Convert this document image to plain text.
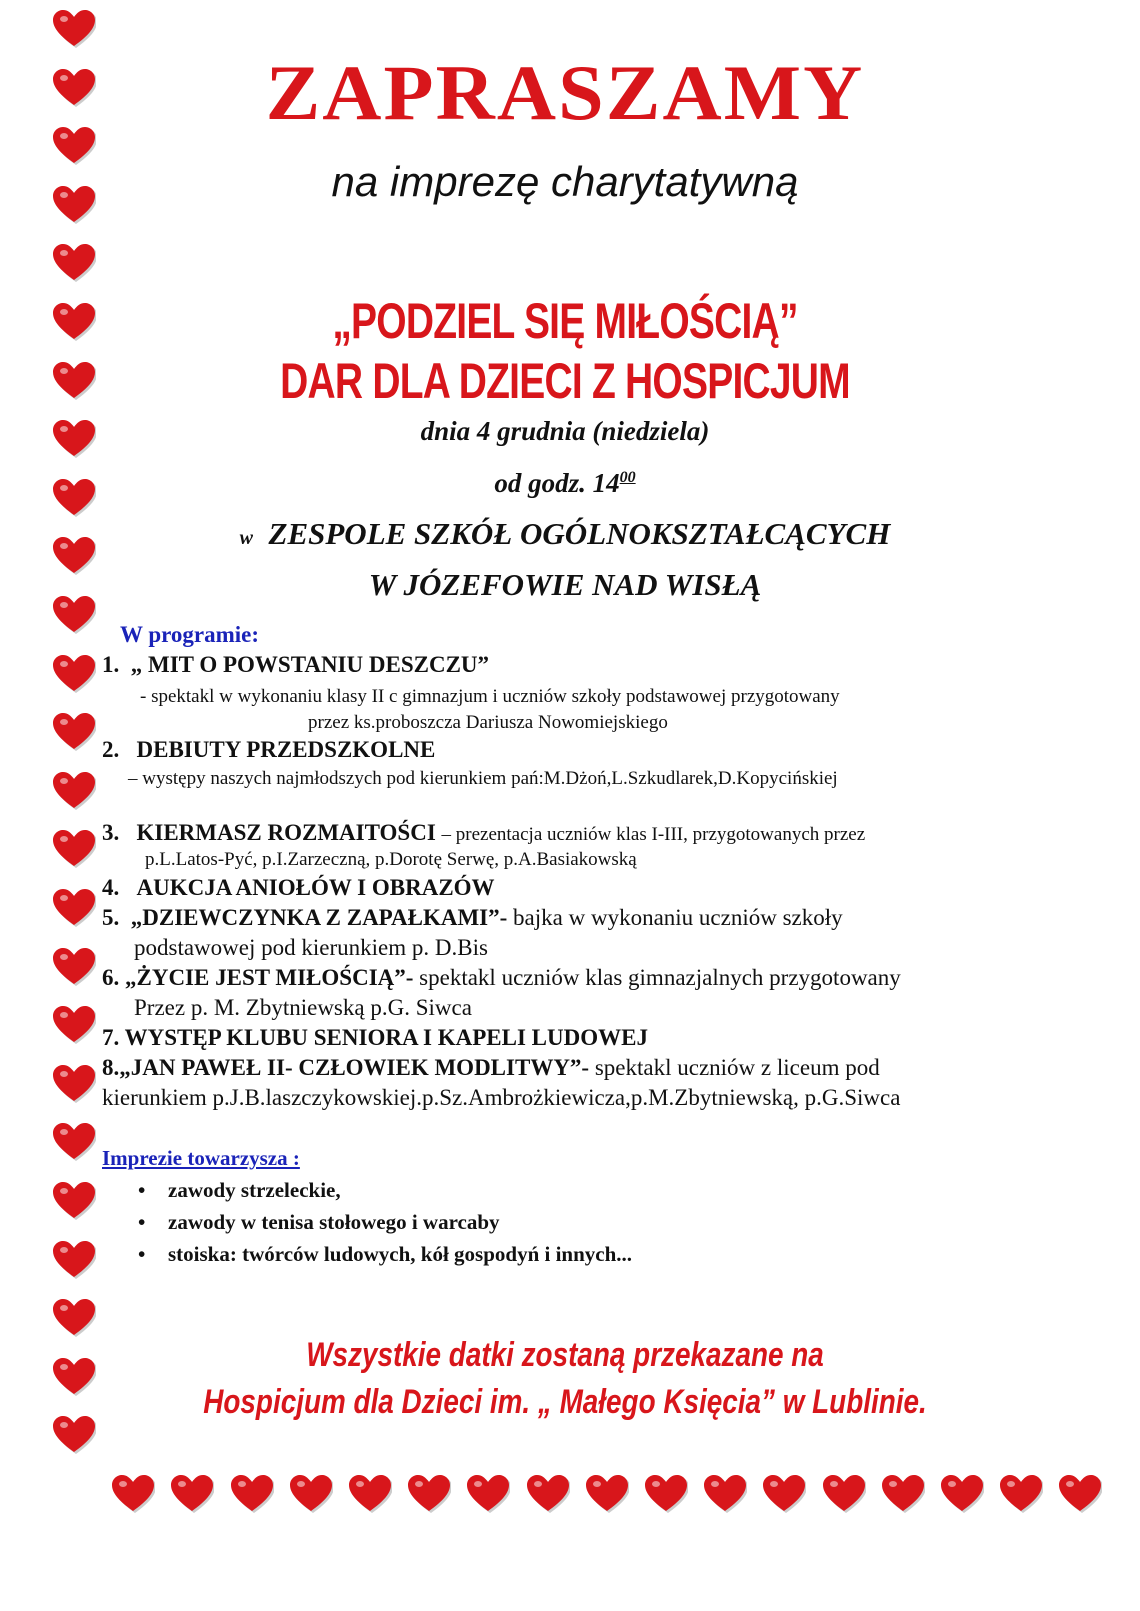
ZAPRASZAMY
na imprezę charytatywną
„PODZIEL SIĘ MIŁOŚCIĄ”
DAR DLA DZIECI Z HOSPICJUM
dnia 4 grudnia (niedziela)
od godz. $14^{00}$
w ZESPOLE SZKÓŁ OGÓLNOKSZTAŁCĄCYCH
W JÓZEFOWIE NAD WISŁĄ
W programie:
1. „ MIT O POWSTANIU DESZCZU”
- spektakl w wykonaniu klasy II c gimnazjum i uczniów szkoły podstawowej przygotowany
przez ks.proboszcza Dariusza Nowomiejskiego
2. DEBIUTY PRZEDSZKOLNE
– występy naszych najmłodszych pod kierunkiem pań:M.Dżoń,L.Szkudlarek,D.Kopycińskiej
3. KIERMASZ ROZMAITOŚCI – prezentacja uczniów klas I-III, przygotowanych przez
p.L.Latos-Pyć, p.I.Zarzeczną, p.Dorotę Serwę, p.A.Basiakowską
4. AUKCJA ANIOŁÓW I OBRAZÓW
5. „DZIEWCZYNKA Z ZAPAŁKAMI”- bajka w wykonaniu uczniów szkoły
podstawowej pod kierunkiem p. D.Bis
6. „ŻYCIE JEST MIŁOŚCIĄ”- spektakl uczniów klas gimnazjalnych przygotowany
Przez p. M. Zbytniewską p.G. Siwca
7. WYSTĘP KLUBU SENIORA I KAPELI LUDOWEJ
8.„JAN PAWEŁ II- CZŁOWIEK MODLITWY”- spektakl uczniów z liceum pod
kierunkiem p.J.B.laszczykowskiej.p.Sz.Ambrożkiewicza,p.M.Zbytniewską, p.G.Siwca
Imprezie towarzysza :
• zawody strzeleckie,
• zawody w tenisa stołowego i warcaby
• stoiska: twórców ludowych, kół gospodyń i innych...
Wszystkie datki zostaną przekazane na
Hospicjum dla Dzieci im. „ Małego Księcia” w Lublinie.
